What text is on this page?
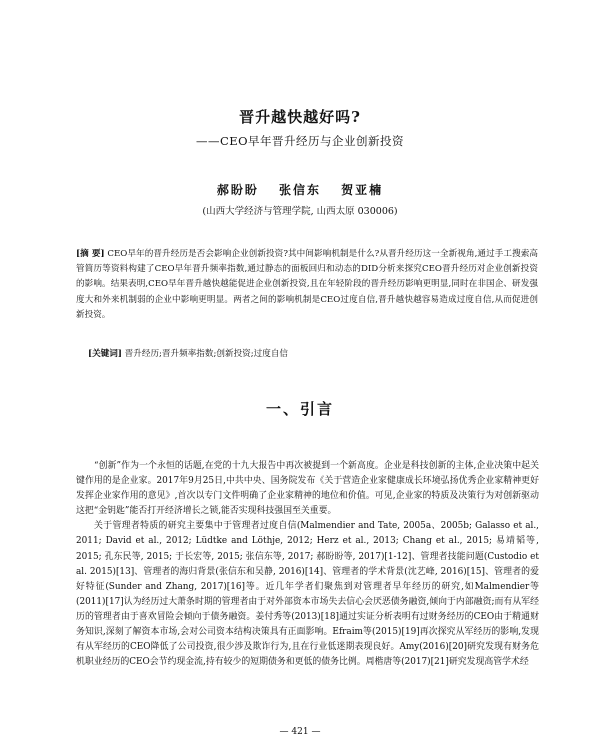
晋升越快越好吗?
——CEO早年晋升经历与企业创新投资
郝盼盼 张信东 贺亚楠
(山西大学经济与管理学院, 山西太原 030006)
[摘 要] CEO早年的晋升经历是否会影响企业创新投资?其中间影响机制是什么?从晋升经历这一全新视角,通过手工搜索高管简历等资料构建了CEO早年晋升频率指数,通过静态的面板回归和动态的DID分析来探究CEO晋升经历对企业创新投资的影响。结果表明,CEO早年晋升越快越能促进企业创新投资,且在年轻阶段的晋升经历影响更明显,同时在非国企、研发强度大和外来机制弱的企业中影响更明显。两者之间的影响机制是CEO过度自信,晋升越快越容易造成过度自信,从而促进创新投资。
[关键词] 晋升经历;晋升频率指数;创新投资;过度自信
一、引言

“创新”作为一个永恒的话题,在党的十九大报告中再次被提到一个新高度。企业是科技创新的主体,企业决策中起关键作用的是企业家。2017年9月25日,中共中央、国务院发布《关于营造企业家健康成长环境弘扬优秀企业家精神更好发挥企业家作用的意见》,首次以专门文件明确了企业家精神的地位和价值。可见,企业家的特质及决策行为对创新驱动这把“金钥匙”能否打开经济增长之锁,能否实现科技强国至关重要。

关于管理者特质的研究主要集中于管理者过度自信(Malmendier and Tate, 2005a、2005b; Galasso et al., 2011; David et al., 2012; Lüdtke and Löthje, 2012; Herz et al., 2013; Chang et al., 2015; 易靖韬等, 2015; 孔东民等, 2015; 于长宏等, 2015; 张信东等, 2017; 郝盼盼等, 2017)[1-12]、管理者技能问题(Custodio et al. 2015)[13]、管理者的海归背景(张信东和吴静, 2016)[14]、管理者的学术背景(沈艺峰, 2016)[15]、管理者的爱好特征(Sunder and Zhang, 2017)[16]等。近几年学者们聚焦到对管理者早年经历的研究,如Malmendier等(2011)[17]认为经历过大萧条时期的管理者由于对外部资本市场失去信心会厌恶债务融资,倾向于内部融资;而有从军经历的管理者由于喜欢冒险会倾向于债务融资。姜付秀等(2013)[18]通过实证分析表明有过财务经历的CEO由于精通财务知识,深刻了解资本市场,会对公司资本结构决策具有正面影响。Efraim等(2015)[19]再次探究从军经历的影响,发现有从军经历的CEO降低了公司投资,很少涉及欺诈行为,且在行业低迷期表现良好。Amy(2016)[20]研究发现有财务危机职业经历的CEO会节约现金流,持有较少的短期债务和更低的债务比例。周楷唐等(2017)[21]研究发现高管学术经

— 421 —
